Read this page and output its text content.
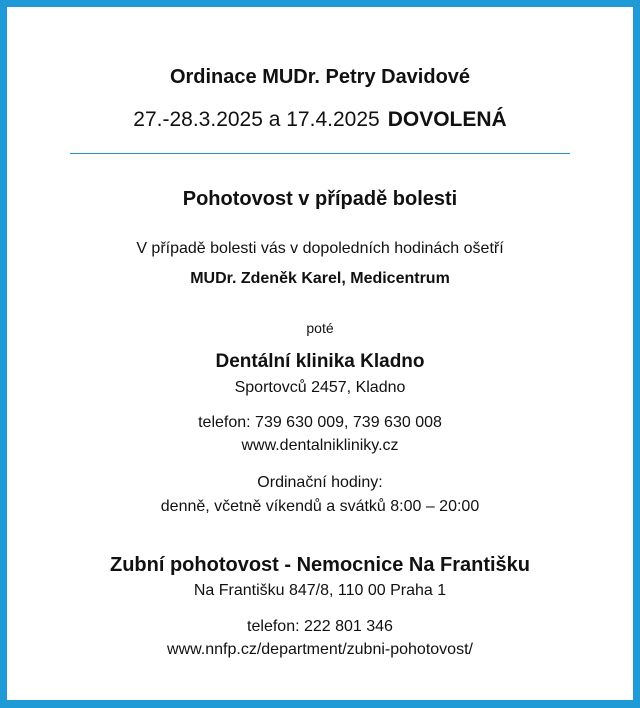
Ordinace MUDr. Petry Davidové
27.-28.3.2025 a 17.4.2025 DOVOLENÁ
Pohotovost v případě bolesti
V případě bolesti vás v dopoledních hodinách ošetří
MUDr. Zdeněk Karel, Medicentrum
poté
Dentální klinika Kladno
Sportovců 2457, Kladno
telefon: 739 630 009, 739 630 008
www.dentalnikliniky.cz
Ordinační hodiny:
denně, včetně víkendů a svátků 8:00 – 20:00
Zubní pohotovost - Nemocnice Na Františku
Na Františku 847/8, 110 00 Praha 1
telefon: 222 801 346
www.nnfp.cz/department/zubni-pohotovost/
